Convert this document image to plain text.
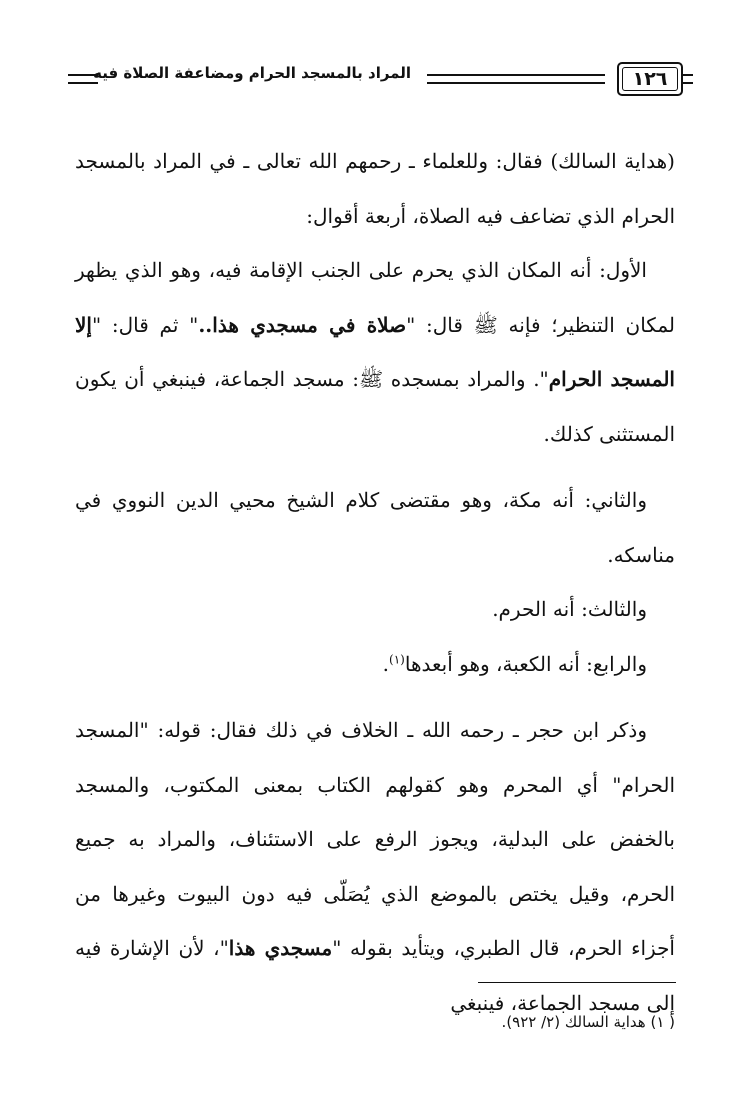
١٢٦
المراد بالمسجد الحرام ومضاعفة الصلاة فيه

(هداية السالك) فقال: وللعلماء ـ رحمهم الله تعالى ـ في المراد بالمسجد الحرام الذي تضاعف فيه الصلاة، أربعة أقوال:

الأول: أنه المكان الذي يحرم على الجنب الإقامة فيه، وهو الذي يظهر لمكان التنظير؛ فإنه ﷺ قال: "صلاة في مسجدي هذا.." ثم قال: "إلا المسجد الحرام". والمراد بمسجده ﷺ: مسجد الجماعة، فينبغي أن يكون المستثنى كذلك.

والثاني: أنه مكة، وهو مقتضى كلام الشيخ محيي الدين النووي في مناسكه.

والثالث: أنه الحرم.

والرابع: أنه الكعبة، وهو أبعدها$^{(١)}$.

وذكر ابن حجر ـ رحمه الله ـ الخلاف في ذلك فقال: قوله: "المسجد الحرام" أي المحرم وهو كقولهم الكتاب بمعنى المكتوب، والمسجد بالخفض على البدلية، ويجوز الرفع على الاستئناف، والمراد به جميع الحرم، وقيل يختص بالموضع الذي يُصَلّى فيه دون البيوت وغيرها من أجزاء الحرم، قال الطبري، ويتأيد بقوله "مسجدي هذا"، لأن الإشارة فيه إلى مسجد الجماعة، فينبغي

( ١) هداية السالك (٢/ ٩٢٢).
